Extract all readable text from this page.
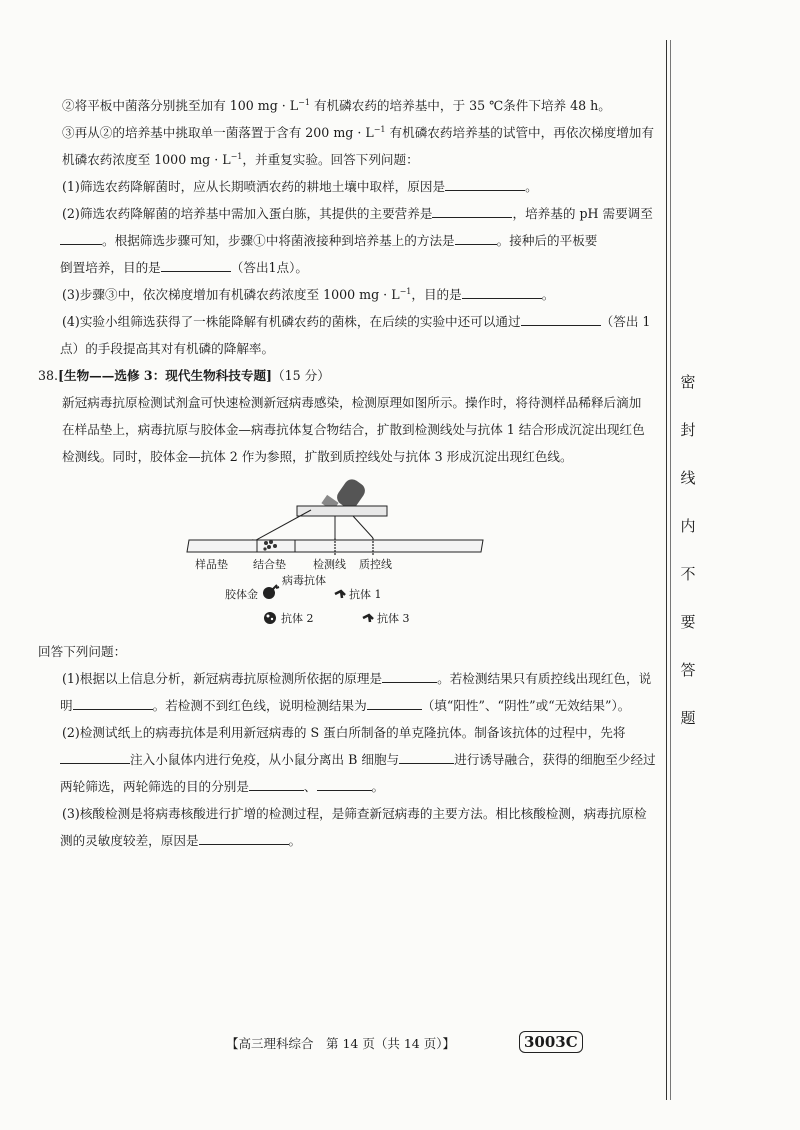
②将平板中菌落分别挑至加有 100 mg · $L^{-1}$ 有机磷农药的培养基中，于 35 ℃条件下培养 48 h。
③再从②的培养基中挑取单一菌落置于含有 200 mg · $L^{-1}$ 有机磷农药培养基的试管中，再依次梯度增加有
机磷农药浓度至 1000 mg · $L^{-1}$，并重复实验。回答下列问题：
(1)筛选农药降解菌时，应从长期喷洒农药的耕地土壤中取样，原因是	。
(2)筛选农药降解菌的培养基中需加入蛋白胨，其提供的主要营养是	，培养基的 pH 需要调至
。根据筛选步骤可知，步骤①中将菌液接种到培养基上的方法是	。接种后的平板要
倒置培养，目的是	（答出1点）。
(3)步骤③中，依次梯度增加有机磷农药浓度至 1000 mg · $L^{-1}$，目的是	。
(4)实验小组筛选获得了一株能降解有机磷农药的菌株，在后续的实验中还可以通过	（答出 1
点）的手段提高其对有机磷的降解率。
38.[生物——选修 3：现代生物科技专题]（15 分）
新冠病毒抗原检测试剂盒可快速检测新冠病毒感染，检测原理如图所示。操作时，将待测样品稀释后滴加
在样品垫上，病毒抗原与胶体金—病毒抗体复合物结合，扩散到检测线处与抗体 1 结合形成沉淀出现红色
检测线。同时，胶体金—抗体 2 作为参照，扩散到质控线处与抗体 3 形成沉淀出现红色线。
样品垫 结合垫 检测线 质控线
病毒抗体
胶体金	抗体 1
抗体 2	抗体 3
回答下列问题：
(1)根据以上信息分析，新冠病毒抗原检测所依据的原理是	。若检测结果只有质控线出现红色，说
明	。若检测不到红色线，说明检测结果为	（填“阳性”、“阴性”或“无效结果”）。
(2)检测试纸上的病毒抗体是利用新冠病毒的 S 蛋白所制备的单克隆抗体。制备该抗体的过程中，先将
注入小鼠体内进行免疫，从小鼠分离出 B 细胞与	进行诱导融合，获得的细胞至少经过
两轮筛选，两轮筛选的目的分别是	、	。
(3)核酸检测是将病毒核酸进行扩增的检测过程，是筛查新冠病毒的主要方法。相比核酸检测，病毒抗原检
测的灵敏度较差，原因是	。
密
封
线
内
不
要
答
题
【高三理科综合　第 14 页（共 14 页）】	3003C
